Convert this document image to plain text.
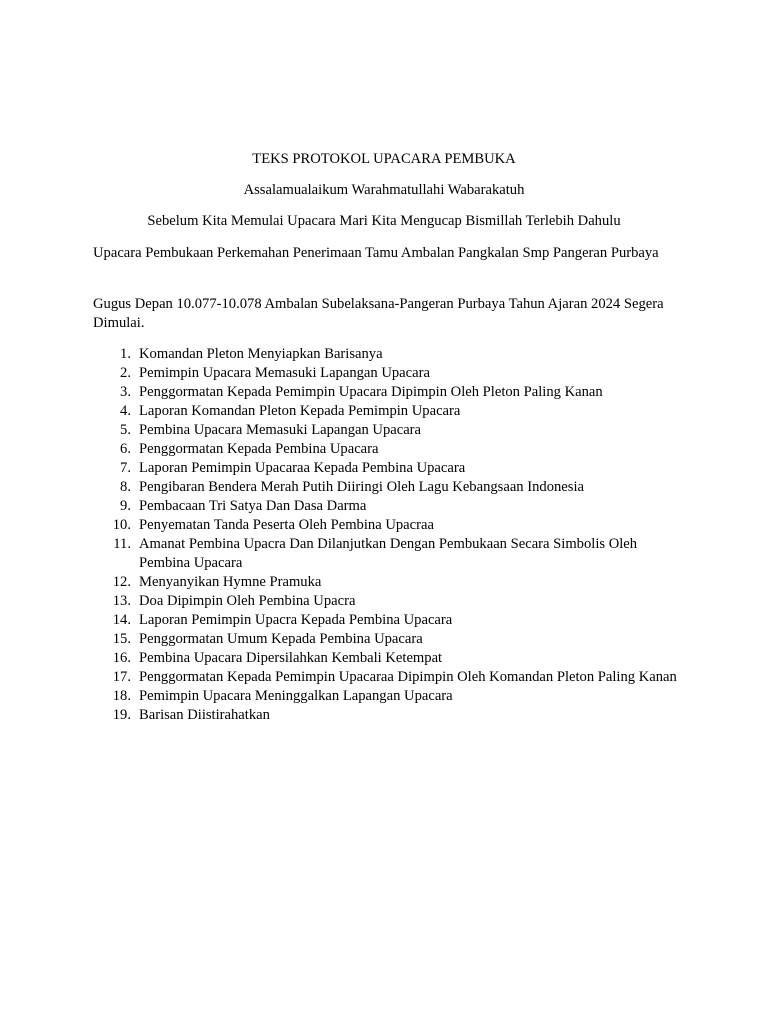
TEKS PROTOKOL UPACARA PEMBUKA
Assalamualaikum Warahmatullahi Wabarakatuh
Sebelum Kita Memulai Upacara Mari Kita Mengucap Bismillah Terlebih Dahulu
Upacara Pembukaan Perkemahan Penerimaan Tamu Ambalan Pangkalan Smp Pangeran Purbaya
Gugus Depan 10.077-10.078 Ambalan Subelaksana-Pangeran Purbaya Tahun Ajaran 2024 Segera Dimulai.
1. Komandan Pleton Menyiapkan Barisanya
2. Pemimpin Upacara Memasuki Lapangan Upacara
3. Penggormatan Kepada Pemimpin Upacara Dipimpin Oleh Pleton Paling Kanan
4. Laporan Komandan Pleton Kepada Pemimpin Upacara
5. Pembina Upacara Memasuki Lapangan Upacara
6. Penggormatan Kepada Pembina Upacara
7. Laporan Pemimpin Upacaraa Kepada Pembina Upacara
8. Pengibaran Bendera Merah Putih Diiringi Oleh Lagu Kebangsaan Indonesia
9. Pembacaan Tri Satya Dan Dasa Darma
10. Penyematan Tanda Peserta Oleh Pembina Upacraa
11. Amanat Pembina Upacra Dan Dilanjutkan Dengan Pembukaan Secara Simbolis Oleh Pembina Upacara
12. Menyanyikan Hymne Pramuka
13. Doa Dipimpin Oleh Pembina Upacra
14. Laporan Pemimpin Upacra Kepada Pembina Upacara
15. Penggormatan Umum Kepada Pembina Upacara
16. Pembina Upacara Dipersilahkan Kembali Ketempat
17. Penggormatan Kepada Pemimpin Upacaraa Dipimpin Oleh Komandan Pleton Paling Kanan
18. Pemimpin Upacara Meninggalkan Lapangan Upacara
19. Barisan Diistirahatkan
